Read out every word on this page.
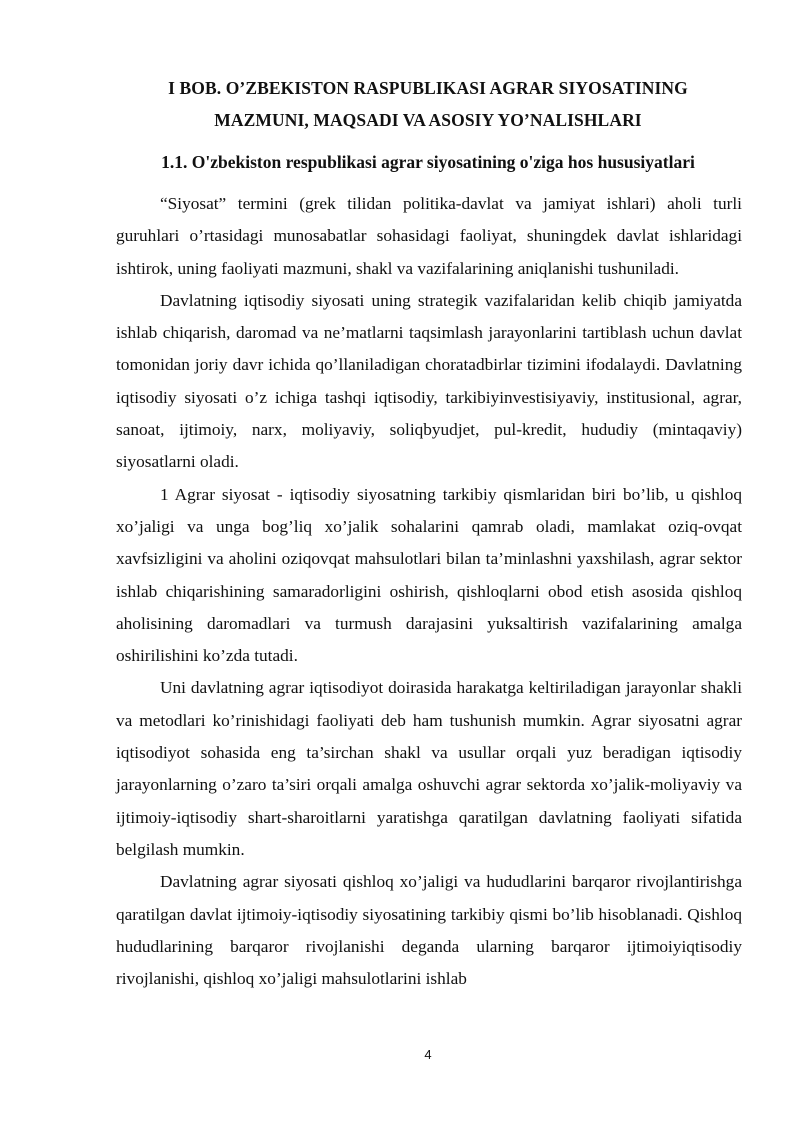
I BOB. O’ZBEKISTON RASPUBLIKASI AGRAR SIYOSATINING
MAZMUNI, MAQSADI VA ASOSIY YO’NALISHLARI
1.1. O'zbekiston respublikasi agrar siyosatining o'ziga hos hususiyatlari

“Siyosat” termini (grek tilidan politika-davlat va jamiyat ishlari) aholi turli guruhlari o’rtasidagi munosabatlar sohasidagi faoliyat, shuningdek davlat ishlaridagi ishtirok, uning faoliyati mazmuni, shakl va vazifalarining aniqlanishi tushuniladi.

Davlatning iqtisodiy siyosati uning strategik vazifalaridan kelib chiqib jamiyatda ishlab chiqarish, daromad va ne’matlarni taqsimlash jarayonlarini tartiblash uchun davlat tomonidan joriy davr ichida qo’llaniladigan choratadbirlar tizimini ifodalaydi. Davlatning iqtisodiy siyosati o’z ichiga tashqi iqtisodiy, tarkibiyinvestisiyaviy, institusional, agrar, sanoat, ijtimoiy, narx, moliyaviy, soliqbyudjet, pul-kredit, hududiy (mintaqaviy) siyosatlarni oladi.

1 Agrar siyosat - iqtisodiy siyosatning tarkibiy qismlaridan biri bo’lib, u qishloq xo’jaligi va unga bog’liq xo’jalik sohalarini qamrab oladi, mamlakat oziq-ovqat xavfsizligini va aholini oziqovqat mahsulotlari bilan ta’minlashni yaxshilash, agrar sektor ishlab chiqarishining samaradorligini oshirish, qishloqlarni obod etish asosida qishloq aholisining daromadlari va turmush darajasini yuksaltirish vazifalarining amalga oshirilishini ko’zda tutadi.

Uni davlatning agrar iqtisodiyot doirasida harakatga keltiriladigan jarayonlar shakli va metodlari ko’rinishidagi faoliyati deb ham tushunish mumkin. Agrar siyosatni agrar iqtisodiyot sohasida eng ta’sirchan shakl va usullar orqali yuz beradigan iqtisodiy jarayonlarning o’zaro ta’siri orqali amalga oshuvchi agrar sektorda xo’jalik-moliyaviy va ijtimoiy-iqtisodiy shart-sharoitlarni yaratishga qaratilgan davlatning faoliyati sifatida belgilash mumkin.

Davlatning agrar siyosati qishloq xo’jaligi va hududlarini barqaror rivojlantirishga qaratilgan davlat ijtimoiy-iqtisodiy siyosatining tarkibiy qismi bo’lib hisoblanadi. Qishloq hududlarining barqaror rivojlanishi deganda ularning barqaror ijtimoiyiqtisodiy rivojlanishi, qishloq xo’jaligi mahsulotlarini ishlab

4
